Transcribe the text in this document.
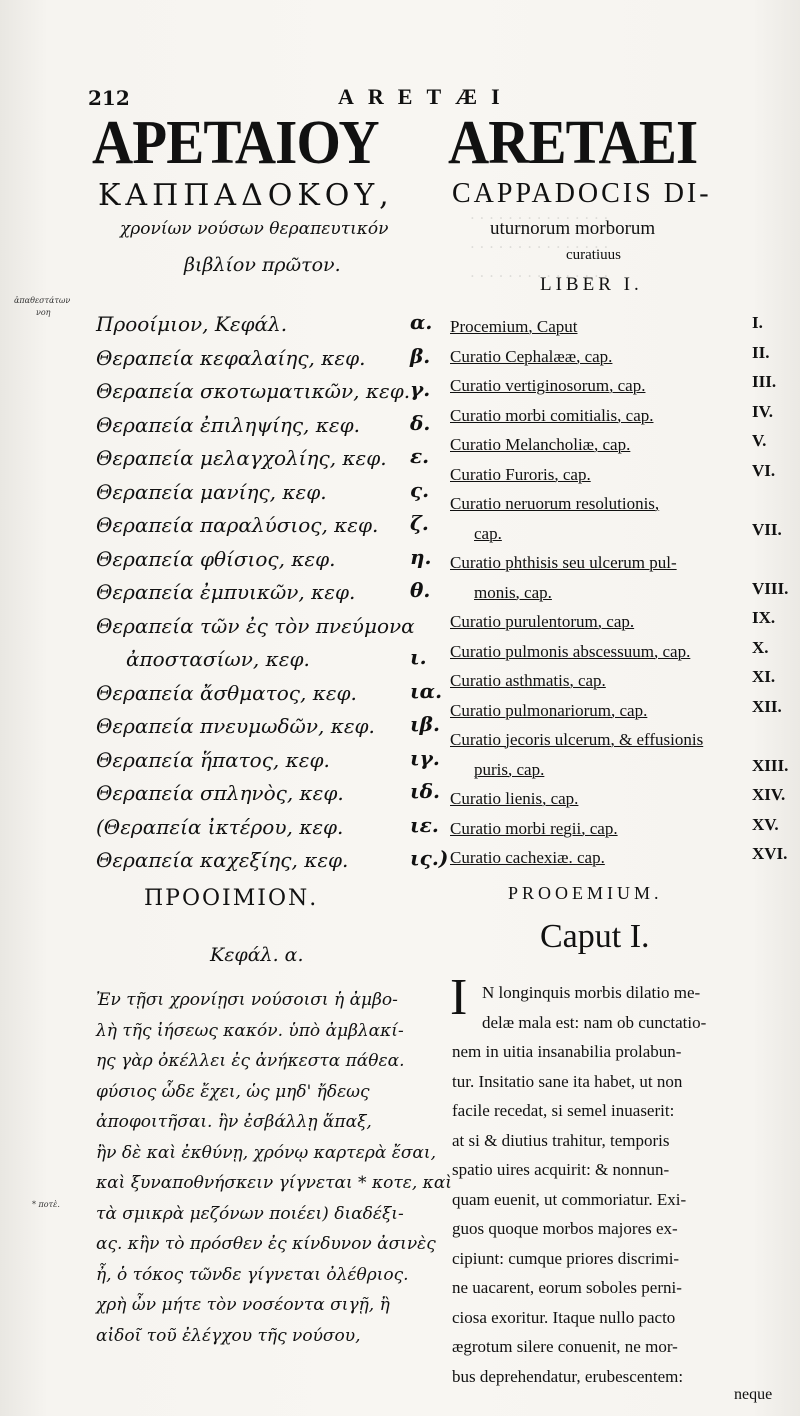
. . . . . . . . . . . . . . .
. . . . . . . . . . . . . . .
. . . . . . . . . . . . . . .
212	ARETÆI
ΑΡΕΤΑΙΟΥ
ΚΑΠΠΑΔΟΚΟΥ,
χρονίων νούσων θεραπευτικόν
βιβλίον πρῶτον.
ἀπαθεστάτων
νοη Προοίμιον, Κεφάλ.	α.
Θεραπεία κεφαλαίης, κεφ. β.
Θεραπεία σκοτωματικῶν, κεφ. γ.
Θεραπεία ἐπιληψίης, κεφ.	δ.
Θεραπεία μελαγχολίης, κεφ. ε.
Θεραπεία μανίης, κεφ.	ς.
Θεραπεία παραλύσιος, κεφ. ζ.
Θεραπεία φθίσιος, κεφ.	η.
Θεραπεία ἐμπυικῶν, κεφ.	θ.
Θεραπεία τῶν ἐς τὸν πνεύμονα
ἀποστασίων, κεφ.	ι.
Θεραπεία ἄσθματος, κεφ.	ια.
Θεραπεία πνευμωδῶν, κεφ. ιβ.
Θεραπεία ἥπατος, κεφ.	ιγ.
Θεραπεία σπληνὸς, κεφ.	ιδ.
(Θεραπεία ἰκτέρου, κεφ.	ιε.
Θεραπεία καχεξίης, κεφ.	ις.)
ΠΡΟΟΙΜΙΟΝ.
Κεφάλ. α.
Ἐν τῇσι χρονίῃσι νούσοισι ἡ ἀμβο-
λὴ τῆς ἰήσεως κακόν. ὑπὸ ἀμβλακί-
ης γὰρ ὀκέλλει ἐς ἀνήκεστα πάθεα.
φύσιος ὧδε ἔχει, ὡς μηδ' ἤδεως
ἀποφοιτῆσαι. ἢν ἐσβάλλῃ ἅπαξ,
ἢν δὲ καὶ ἐκθύνῃ, χρόνῳ καρτερὰ ἔσαι,
καὶ ξυναποθνήσκειν γίγνεται * κοτε, καὶ
τὰ σμικρὰ μεζόνων ποιέει) διαδέξι-
ας. κἢν τὸ πρόσθεν ἐς κίνδυνον ἀσινὲς
ἦ, ὁ τόκος τῶνδε γίγνεται ὀλέθριος.
χρὴ ὦν μήτε τὸν νοσέοντα σιγῇ, ἢ
αἰδοῖ τοῦ ἐλέγχου τῆς νούσου,
* ποτὲ.
ARETAEI
CAPPADOCIS DI-
uturnorum morborum
curatiuus
LIBER I.
Procemium, Caput	I.
Curatio Cephalææ, cap.	II.
Curatio vertiginosorum, cap.	III.
Curatio morbi comitialis, cap.	IV.
Curatio Melancholiæ, cap.	V.
Curatio Furoris, cap.	VI.
Curatio neruorum resolutionis,
cap.	VII.
Curatio phthisis seu ulcerum pul-
monis, cap.	VIII.
Curatio purulentorum, cap.	IX.
Curatio pulmonis abscessuum, cap.	X.
Curatio asthmatis, cap.	XI.
Curatio pulmonariorum, cap.	XII.
Curatio jecoris ulcerum, & effusionis
puris, cap.	XIII.
Curatio lienis, cap.	XIV.
Curatio morbi regii, cap.	XV.
Curatio cachexiæ. cap.	XVI.
PROOEMIUM.
Caput I.
I N longinquis morbis dilatio me-
delæ mala est: nam ob cunctatio-
nem in uitia insanabilia prolabun-
tur. Insitatio sane ita habet, ut non
facile recedat, si semel inuaserit:
at si & diutius trahitur, temporis
spatio uires acquirit: & nonnun-
quam euenit, ut commoriatur. Exi-
guos quoque morbos majores ex-
cipiunt: cumque priores discrimi-
ne uacarent, eorum soboles perni-
ciosa exoritur. Itaque nullo pacto
ægrotum silere conuenit, ne mor-
bus deprehendatur, erubescentem:
neque
